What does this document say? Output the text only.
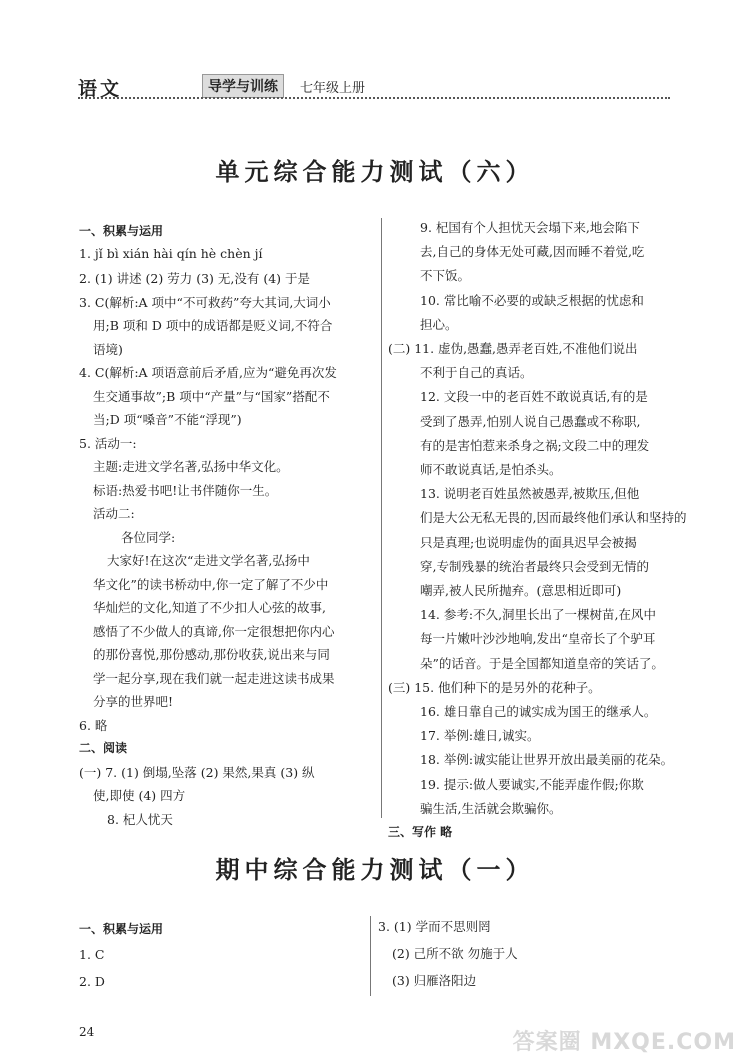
语文	导学与训练	七年级上册
单元综合能力测试（六）
一、积累与运用
1. jǐ bì xián hài qín hè chèn jí
2. (1) 讲述 (2) 劳力 (3) 无,没有 (4) 于是
3. C(解析:A 项中“不可救药”夸大其词,大词小
用;B 项和 D 项中的成语都是贬义词,不符合
语境)
4. C(解析:A 项语意前后矛盾,应为“避免再次发
生交通事故”;B 项中“产量”与“国家”搭配不
当;D 项“嗓音”不能“浮现”)
5. 活动一:
主题:走进文学名著,弘扬中华文化。
标语:热爱书吧!让书伴随你一生。
活动二:
各位同学:
大家好!在这次“走进文学名著,弘扬中
华文化”的读书桥动中,你一定了解了不少中
华灿烂的文化,知道了不少扣人心弦的故事,
感悟了不少做人的真谛,你一定很想把你内心
的那份喜悦,那份感动,那份收获,说出来与同
学一起分享,现在我们就一起走进这读书成果
分享的世界吧!
6. 略
二、阅读
(一) 7. (1) 倒塌,坠落 (2) 果然,果真 (3) 纵
使,即使 (4) 四方
8. 杞人忧天
9. 杞国有个人担忧天会塌下来,地会陷下
去,自己的身体无处可藏,因而睡不着觉,吃
不下饭。
10. 常比喻不必要的或缺乏根据的忧虑和
担心。
(二) 11. 虚伪,愚蠢,愚弄老百姓,不准他们说出
不利于自己的真话。
12. 文段一中的老百姓不敢说真话,有的是
受到了愚弄,怕别人说自己愚蠢或不称职,
有的是害怕惹来杀身之祸;文段二中的理发
师不敢说真话,是怕杀头。
13. 说明老百姓虽然被愚弄,被欺压,但他
们是大公无私无畏的,因而最终他们承认和坚持的
只是真理;也说明虚伪的面具迟早会被揭
穿,专制残暴的统治者最终只会受到无情的
嘲弄,被人民所抛弃。(意思相近即可)
14. 参考:不久,洞里长出了一棵树苗,在风中
每一片嫩叶沙沙地响,发出“皇帝长了个驴耳
朵”的话音。于是全国都知道皇帝的笑话了。
(三) 15. 他们种下的是另外的花种子。
16. 雄日靠自己的诚实成为国王的继承人。
17. 举例:雄日,诚实。
18. 举例:诚实能让世界开放出最美丽的花朵。
19. 提示:做人要诚实,不能弄虚作假;你欺
骗生活,生活就会欺骗你。
三、写作 略
期中综合能力测试（一）
一、积累与运用
1. C
2. D
3. (1) 学而不思则罔
(2) 己所不欲 勿施于人
(3) 归雁洛阳边
24	答案圈 MXQE.COM
